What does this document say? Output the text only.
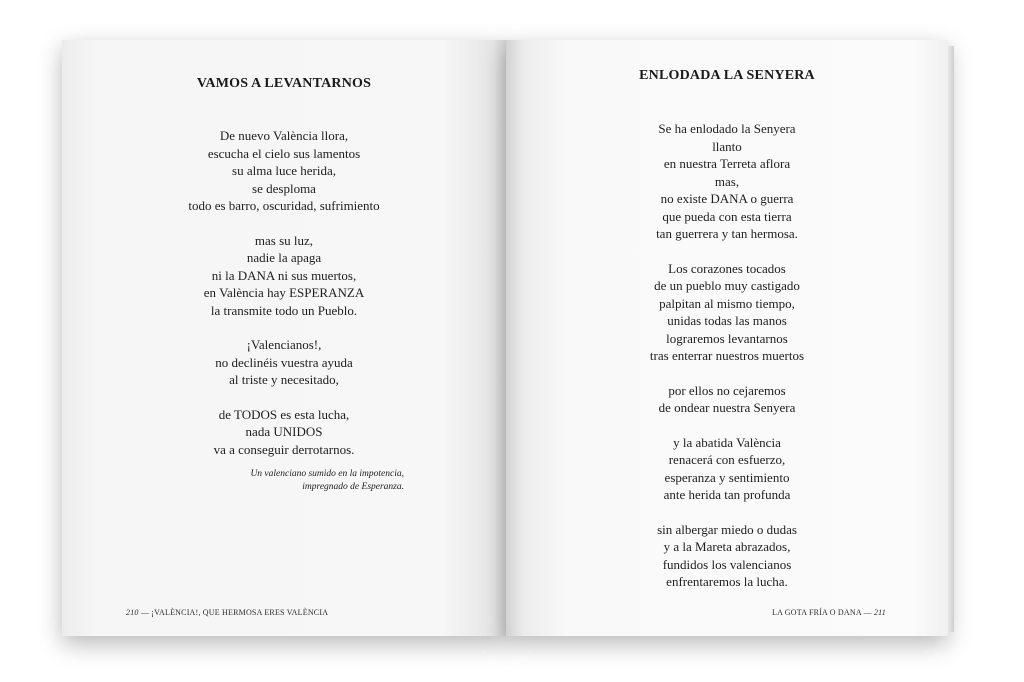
VAMOS A LEVANTARNOS
De nuevo València llora,
escucha el cielo sus lamentos
su alma luce herida,
se desploma
todo es barro, oscuridad, sufrimiento
mas su luz,
nadie la apaga
ni la DANA ni sus muertos,
en València hay ESPERANZA
la transmite todo un Pueblo.
¡Valencianos!,
no declinéis vuestra ayuda
al triste y necesitado,
de TODOS es esta lucha,
nada UNIDOS
va a conseguir derrotarnos.
Un valenciano sumido en la impotencia,
impregnado de Esperanza.
210 — ¡VALÈNCIA!, QUE HERMOSA ERES VALÈNCIA
ENLODADA LA SENYERA
Se ha enlodado la Senyera
llanto
en nuestra Terreta aflora
mas,
no existe DANA o guerra
que pueda con esta tierra
tan guerrera y tan hermosa.
Los corazones tocados
de un pueblo muy castigado
palpitan al mismo tiempo,
unidas todas las manos
lograremos levantarnos
tras enterrar nuestros muertos
por ellos no cejaremos
de ondear nuestra Senyera
y la abatida València
renacerá con esfuerzo,
esperanza y sentimiento
ante herida tan profunda
sin albergar miedo o dudas
y a la Mareta abrazados,
fundidos los valencianos
enfrentaremos la lucha.
LA GOTA FRÍA O DANA — 211
